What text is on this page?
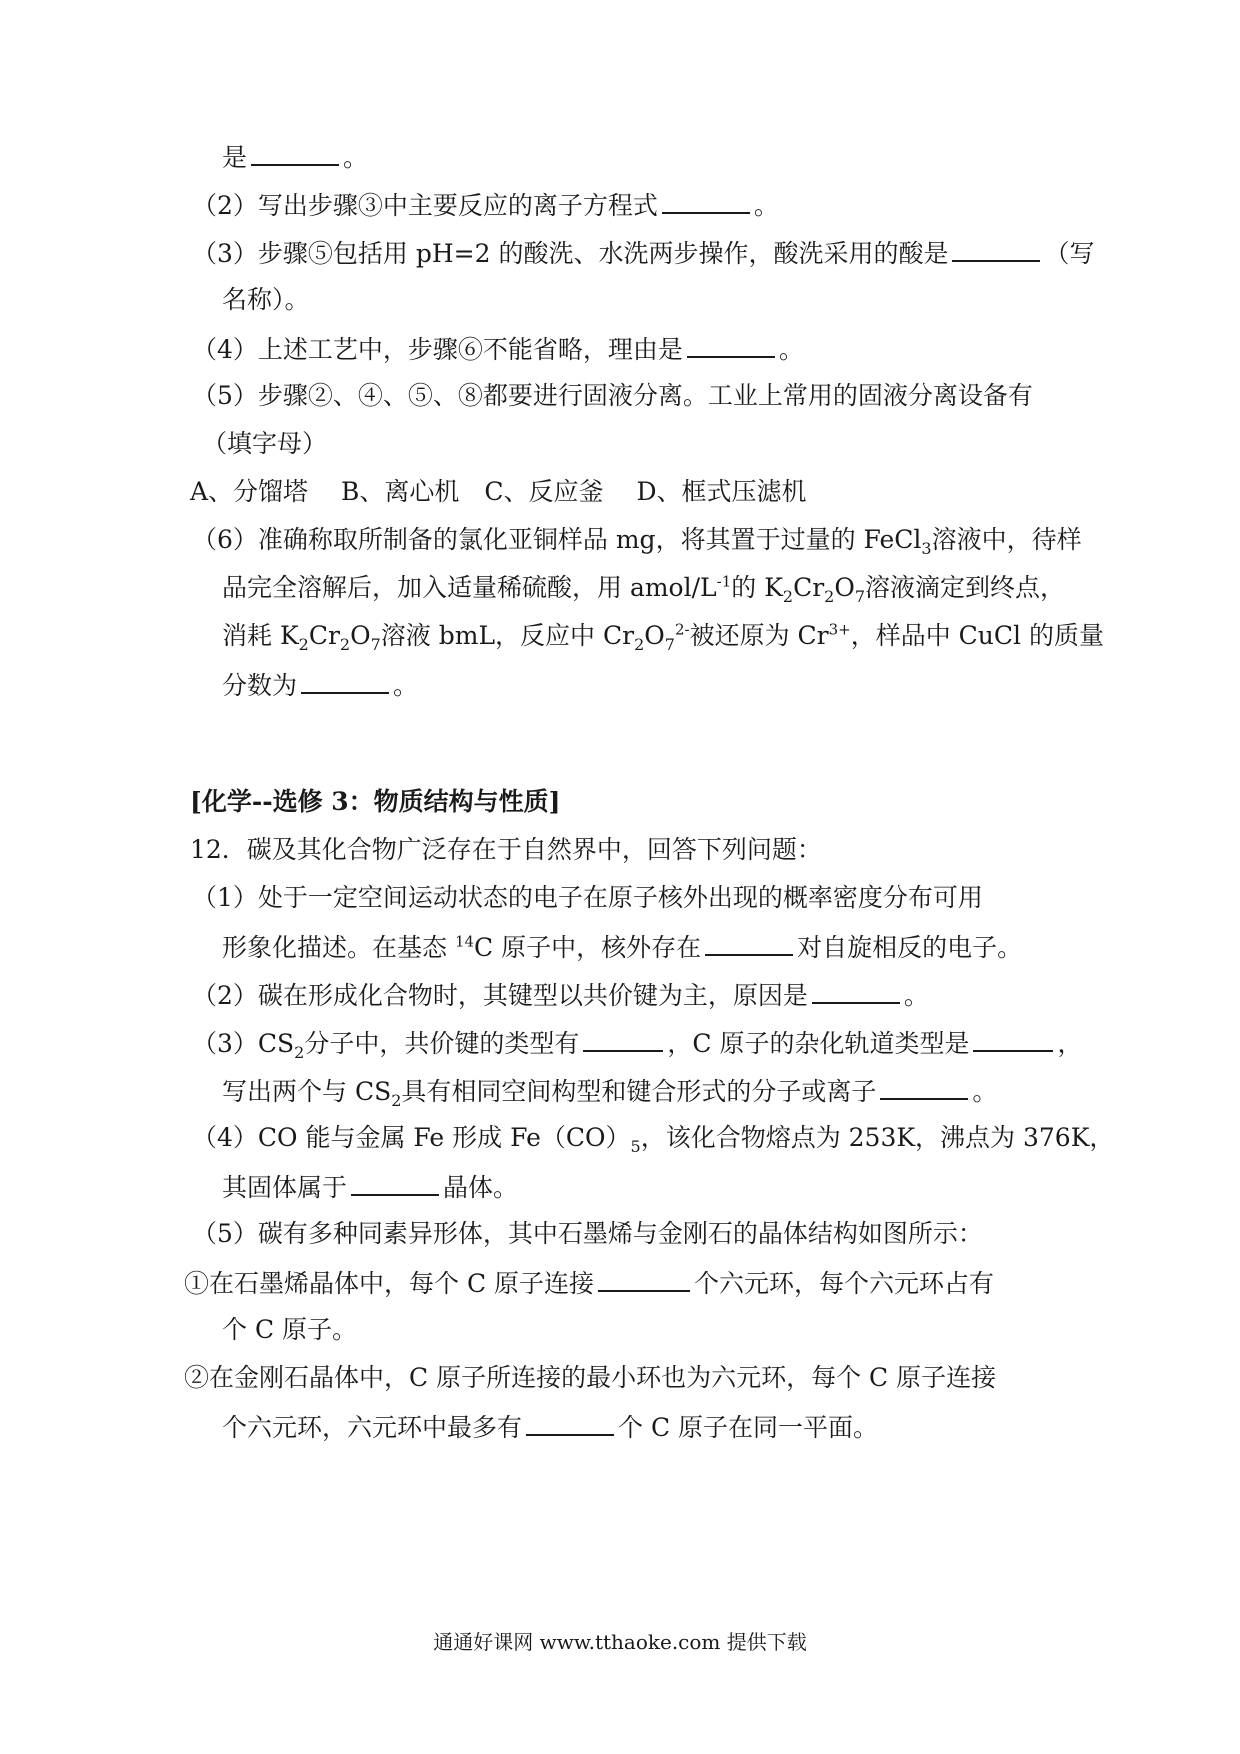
是	。
（2）写出步骤③中主要反应的离子方程式	。
（3）步骤⑤包括用 pH=2 的酸洗、水洗两步操作，酸洗采用的酸是	（写
名称）。
（4）上述工艺中，步骤⑥不能省略，理由是	。
（5）步骤②、④、⑤、⑧都要进行固液分离。工业上常用的固液分离设备有
（填字母）
A、分馏塔　 B、离心机　C、反应釜　 D、框式压滤机
（6）准确称取所制备的氯化亚铜样品 mg，将其置于过量的 FeCl$_3$溶液中，待样
品完全溶解后，加入适量稀硫酸，用 amol/$L^{-1}$的 $K_2Cr_2O_7$溶液滴定到终点，
消耗 $K_2Cr_2O_7$溶液 bmL，反应中 $Cr_2O_7^{2-}$被还原为 $Cr^{3+}$，样品中 CuCl 的质量
分数为	。
[化学--选修 3：物质结构与性质]
12．碳及其化合物广泛存在于自然界中，回答下列问题：
（1）处于一定空间运动状态的电子在原子核外出现的概率密度分布可用
形象化描述。在基态 $^{14}$C 原子中，核外存在	对自旋相反的电子。
（2）碳在形成化合物时，其键型以共价键为主，原因是	。
$(3)CS_2$分子中，共价键的类型有	，C 原子的杂化轨道类型是	，
写出两个与 $CS_2$具有相同空间构型和键合形式的分子或离子	。
（4）CO 能与金属 Fe 形成 $Fe(CO)_5$，该化合物熔点为 253K，沸点为 376K，
其固体属于	晶体。
（5）碳有多种同素异形体，其中石墨烯与金刚石的晶体结构如图所示：
①在石墨烯晶体中，每个 C 原子连接	个六元环，每个六元环占有
个 C 原子。
②在金刚石晶体中，C 原子所连接的最小环也为六元环，每个 C 原子连接
个六元环，六元环中最多有	个 C 原子在同一平面。
通通好课网 www.tthaoke.com 提供下载
